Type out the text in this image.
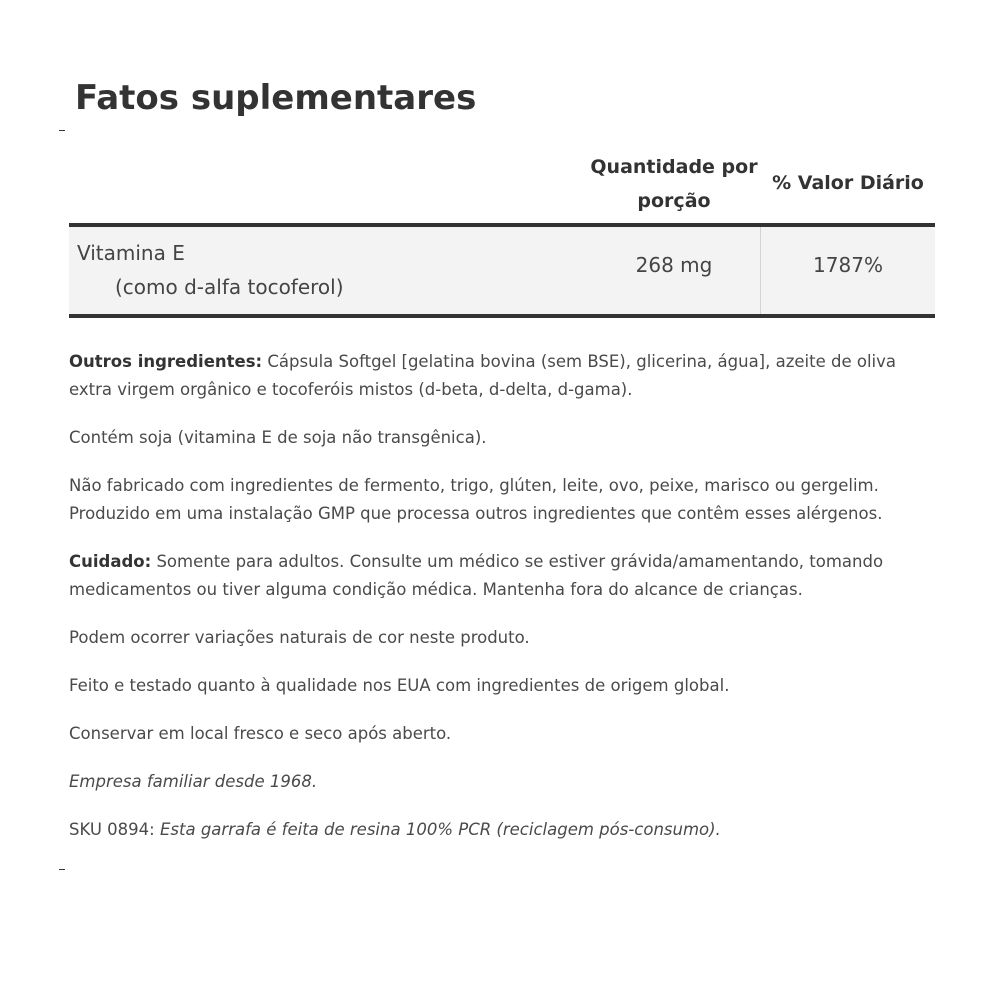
Fatos suplementares
Quantidade por
porção
% Valor Diário
Vitamina E
(como d-alfa tocoferol)
268 mg	1787%

Outros ingredientes: Cápsula Softgel [gelatina bovina (sem BSE), glicerina, água], azeite de oliva extra virgem orgânico e tocoferóis mistos (d-beta, d-delta, d-gama).

Contém soja (vitamina E de soja não transgênica).

Não fabricado com ingredientes de fermento, trigo, glúten, leite, ovo, peixe, marisco ou gergelim.
Produzido em uma instalação GMP que processa outros ingredientes que contêm esses alérgenos.

Cuidado: Somente para adultos. Consulte um médico se estiver grávida/amamentando, tomando medicamentos ou tiver alguma condição médica. Mantenha fora do alcance de crianças.

Podem ocorrer variações naturais de cor neste produto.

Feito e testado quanto à qualidade nos EUA com ingredientes de origem global.

Conservar em local fresco e seco após aberto.

Empresa familiar desde 1968.

SKU 0894: Esta garrafa é feita de resina 100% PCR (reciclagem pós-consumo).
